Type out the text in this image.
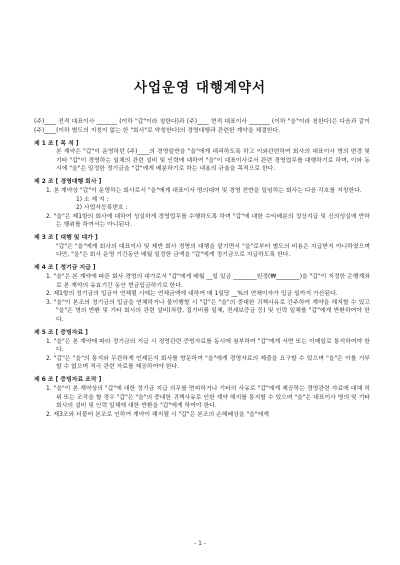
사업운영 대행계약서

(주)____ 전적 대표이사 _______ (이하 "갑"이라 칭한다)과 (주)____ 현적 대표이사 _______ (이하 "을"이라 칭한다)은 다음과 같이 (주)____(이하 별도의 지칭이 없는 한 "회사"로 약칭한다)의 경영대행과 관련한 계약을 체결한다.

제 1 조 [ 목 적 ]

본 계약은 "갑"이 운영하던 (주)____의 경영일반을 "을"에게 대리하도록 하고 이와관련하여 회사의 대표이사 명의 변경 및 기타 "갑"이 경영하는 일체의 관련 설비 및 인력에 대하여 "을"이 대표이사로서 관련 경영업무를 대행하기로 하며, 이와 동시에 "을"은 일정한 정기금을 "갑"에게 배분하기로 하는 내용의 규율을 목적으로 한다.

제 2 조 [ 경영대행 회사 ]

1. 본 계약상 "갑"이 운영하는 회사로서 "을"에게 대표이사 명의대여 및 경영 전반을 일임하는 회사는 다음 각호를 지칭한다.

1) 소 재 지 :

2) 사업자등록번호 :

2. "을"은 제1항의 회사에 대하여 성실하게 경영업무를 수행하도록 하며 "갑"에 대한 수익배분의 정상지급 및 신의성실에 반하는 행위를 하여서는 아니된다.

제 3 조 [ 대행 및 대가 ]

"갑"은 "을"에게 회사의 대표이사 및 제반 회사 경영의 대행을 맡기면서 "을"로부터 별도의 비용은 지급받지 아니하였으며 다만, "을"은 회사 운영 기간동안 매월 일정한 금액을 "갑"에게 정기금으로 지급하도록 한다.

제 4 조 [ 정기금 지급 ]

1. "을"은 본 계약에 따른 회사 경영의 대가로서 "갑"에게 매월 __일 일금 ________원정(₩________)을 "갑"이 지정한 은행계좌로 본 계약의 유효기간 동안 현금입금하기로 한다.

2. 제1항의 정기금의 입금이 연체될 시에는 연체금액에 대하여 매 1일당 __%의 연체이자가 입금 일까지 가산된다.

3. "을"이 본조의 정기금의 입금을 연체하거나 불이행할 시 "갑"은 "을"의 중대한 귀책사유로 간주하여 계약을 해지할 수 있고 "을"은 명의 반환 및 기타 회사의 관련 설비(차량, 집기비품 일체, 전세보증금 등) 및 인력 일체를 "갑"에게 반환하여야 한다.

제 5 조 [ 증빙자료 ]

1. "을"은 본 계약에 따라 정기금의 지급 시 경영관련 증빙자료를 동시에 첨부하여 "갑"에게 서면 또는 이메일로 통지하여야 한다.

2. "갑"은 "을"의 통지와 무관하게 언제든지 회사를 방문하여 "을"에게 경영자료의 제출을 요구할 수 있으며 "을"은 이를 거부할 수 없으며 적극 관련 자료를 제공하여야 한다.

제 6 조 [ 증빙자료 조작 ]

1. "을"이 본 계약상의 "갑"에 대한 정기금 지급 의무를 면피하거나 기타의 사유로 "갑"에게 제공하는 경영관련 자료에 대해 허위 또는 조작을 할 경우 "갑"은 "을"의 중대한 귀책사유로 인한 계약 해지를 통지할 수 있으며 "을"은 대표이사 명의 및 기타 회사의 설비 및 인력 일체에 대한 반환을 "갑"에게 하여야 한다.

2. 제3조와 더불어 본조로 인하여 계약이 해지될 시 "갑"은 본조의 손해배상을 "을"에게

- 1 -
